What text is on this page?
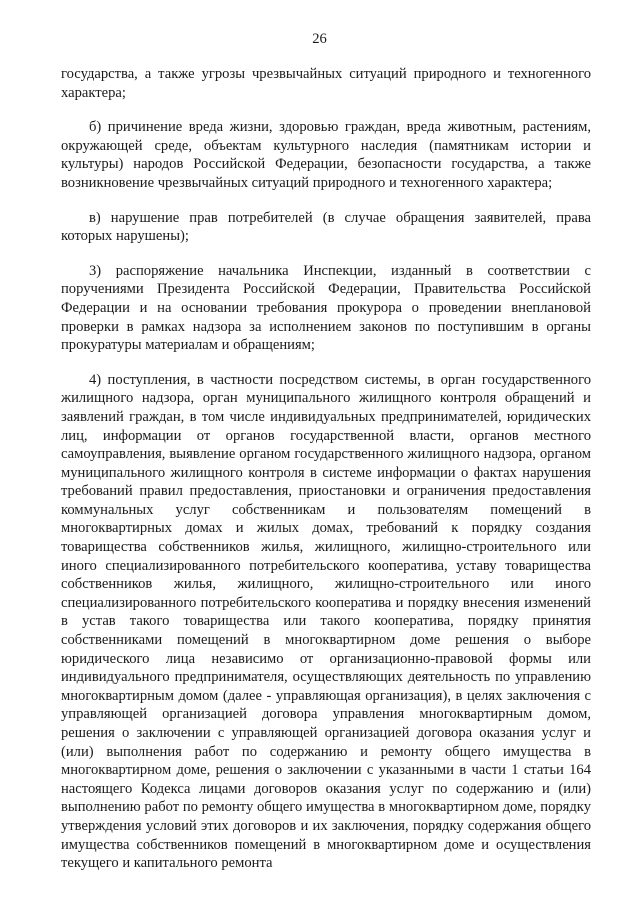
26

государства, а также угрозы чрезвычайных ситуаций природного и техногенного характера;

б) причинение вреда жизни, здоровью граждан, вреда животным, растениям, окружающей среде, объектам культурного наследия (памятникам истории и культуры) народов Российской Федерации, безопасности государства, а также возникновение чрезвычайных ситуаций природного и техногенного характера;

в) нарушение прав потребителей (в случае обращения заявителей, права которых нарушены);

3) распоряжение начальника Инспекции, изданный в соответствии с поручениями Президента Российской Федерации, Правительства Российской Федерации и на основании требования прокурора о проведении внеплановой проверки в рамках надзора за исполнением законов по поступившим в органы прокуратуры материалам и обращениям;

4) поступления, в частности посредством системы, в орган государственного жилищного надзора, орган муниципального жилищного контроля обращений и заявлений граждан, в том числе индивидуальных предпринимателей, юридических лиц, информации от органов государственной власти, органов местного самоуправления, выявление органом государственного жилищного надзора, органом муниципального жилищного контроля в системе информации о фактах нарушения требований правил предоставления, приостановки и ограничения предоставления коммунальных услуг собственникам и пользователям помещений в многоквартирных домах и жилых домах, требований к порядку создания товарищества собственников жилья, жилищного, жилищно-строительного или иного специализированного потребительского кооператива, уставу товарищества собственников жилья, жилищного, жилищно-строительного или иного специализированного потребительского кооператива и порядку внесения изменений в устав такого товарищества или такого кооператива, порядку принятия собственниками помещений в многоквартирном доме решения о выборе юридического лица независимо от организационно-правовой формы или индивидуального предпринимателя, осуществляющих деятельность по управлению многоквартирным домом (далее - управляющая организация), в целях заключения с управляющей организацией договора управления многоквартирным домом, решения о заключении с управляющей организацией договора оказания услуг и (или) выполнения работ по содержанию и ремонту общего имущества в многоквартирном доме, решения о заключении с указанными в части 1 статьи 164 настоящего Кодекса лицами договоров оказания услуг по содержанию и (или) выполнению работ по ремонту общего имущества в многоквартирном доме, порядку утверждения условий этих договоров и их заключения, порядку содержания общего имущества собственников помещений в многоквартирном доме и осуществления текущего и капитального ремонта
